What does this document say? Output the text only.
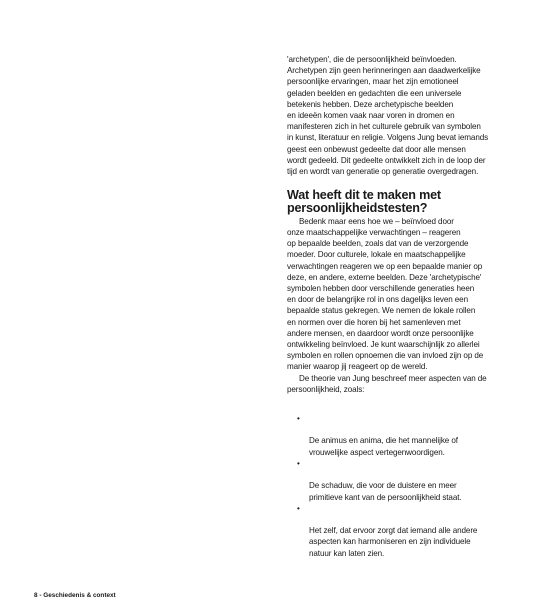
'archetypen', die de persoonlijkheid beïnvloeden.
Archetypen zijn geen herinneringen aan daadwerkelijke
persoonlijke ervaringen, maar het zijn emotioneel
geladen beelden en gedachten die een universele
betekenis hebben. Deze archetypische beelden
en ideeën komen vaak naar voren in dromen en
manifesteren zich in het culturele gebruik van symbolen
in kunst, literatuur en religie. Volgens Jung bevat iemands
geest een onbewust gedeelte dat door alle mensen
wordt gedeeld. Dit gedeelte ontwikkelt zich in de loop der
tijd en wordt van generatie op generatie overgedragen.

Wat heeft dit te maken met
persoonlijkheidstesten?

Bedenk maar eens hoe we – beïnvloed door
onze maatschappelijke verwachtingen – reageren
op bepaalde beelden, zoals dat van de verzorgende
moeder. Door culturele, lokale en maatschappelijke
verwachtingen reageren we op een bepaalde manier op
deze, en andere, externe beelden. Deze 'archetypische'
symbolen hebben door verschillende generaties heen
en door de belangrijke rol in ons dagelijks leven een
bepaalde status gekregen. We nemen de lokale rollen
en normen over die horen bij het samenleven met
andere mensen, en daardoor wordt onze persoonlijke
ontwikkeling beïnvloed. Je kunt waarschijnlijk zo allerlei
symbolen en rollen opnoemen die van invloed zijn op de
manier waarop jij reageert op de wereld.

De theorie van Jung beschreef meer aspecten van de
persoonlijkheid, zoals:

•

De animus en anima, die het mannelijke of
vrouwelijke aspect vertegenwoordigen.

•

De schaduw, die voor de duistere en meer
primitieve kant van de persoonlijkheid staat.

•

Het zelf, dat ervoor zorgt dat iemand alle andere
aspecten kan harmoniseren en zijn individuele
natuur kan laten zien.

8 - Geschiedenis & context
